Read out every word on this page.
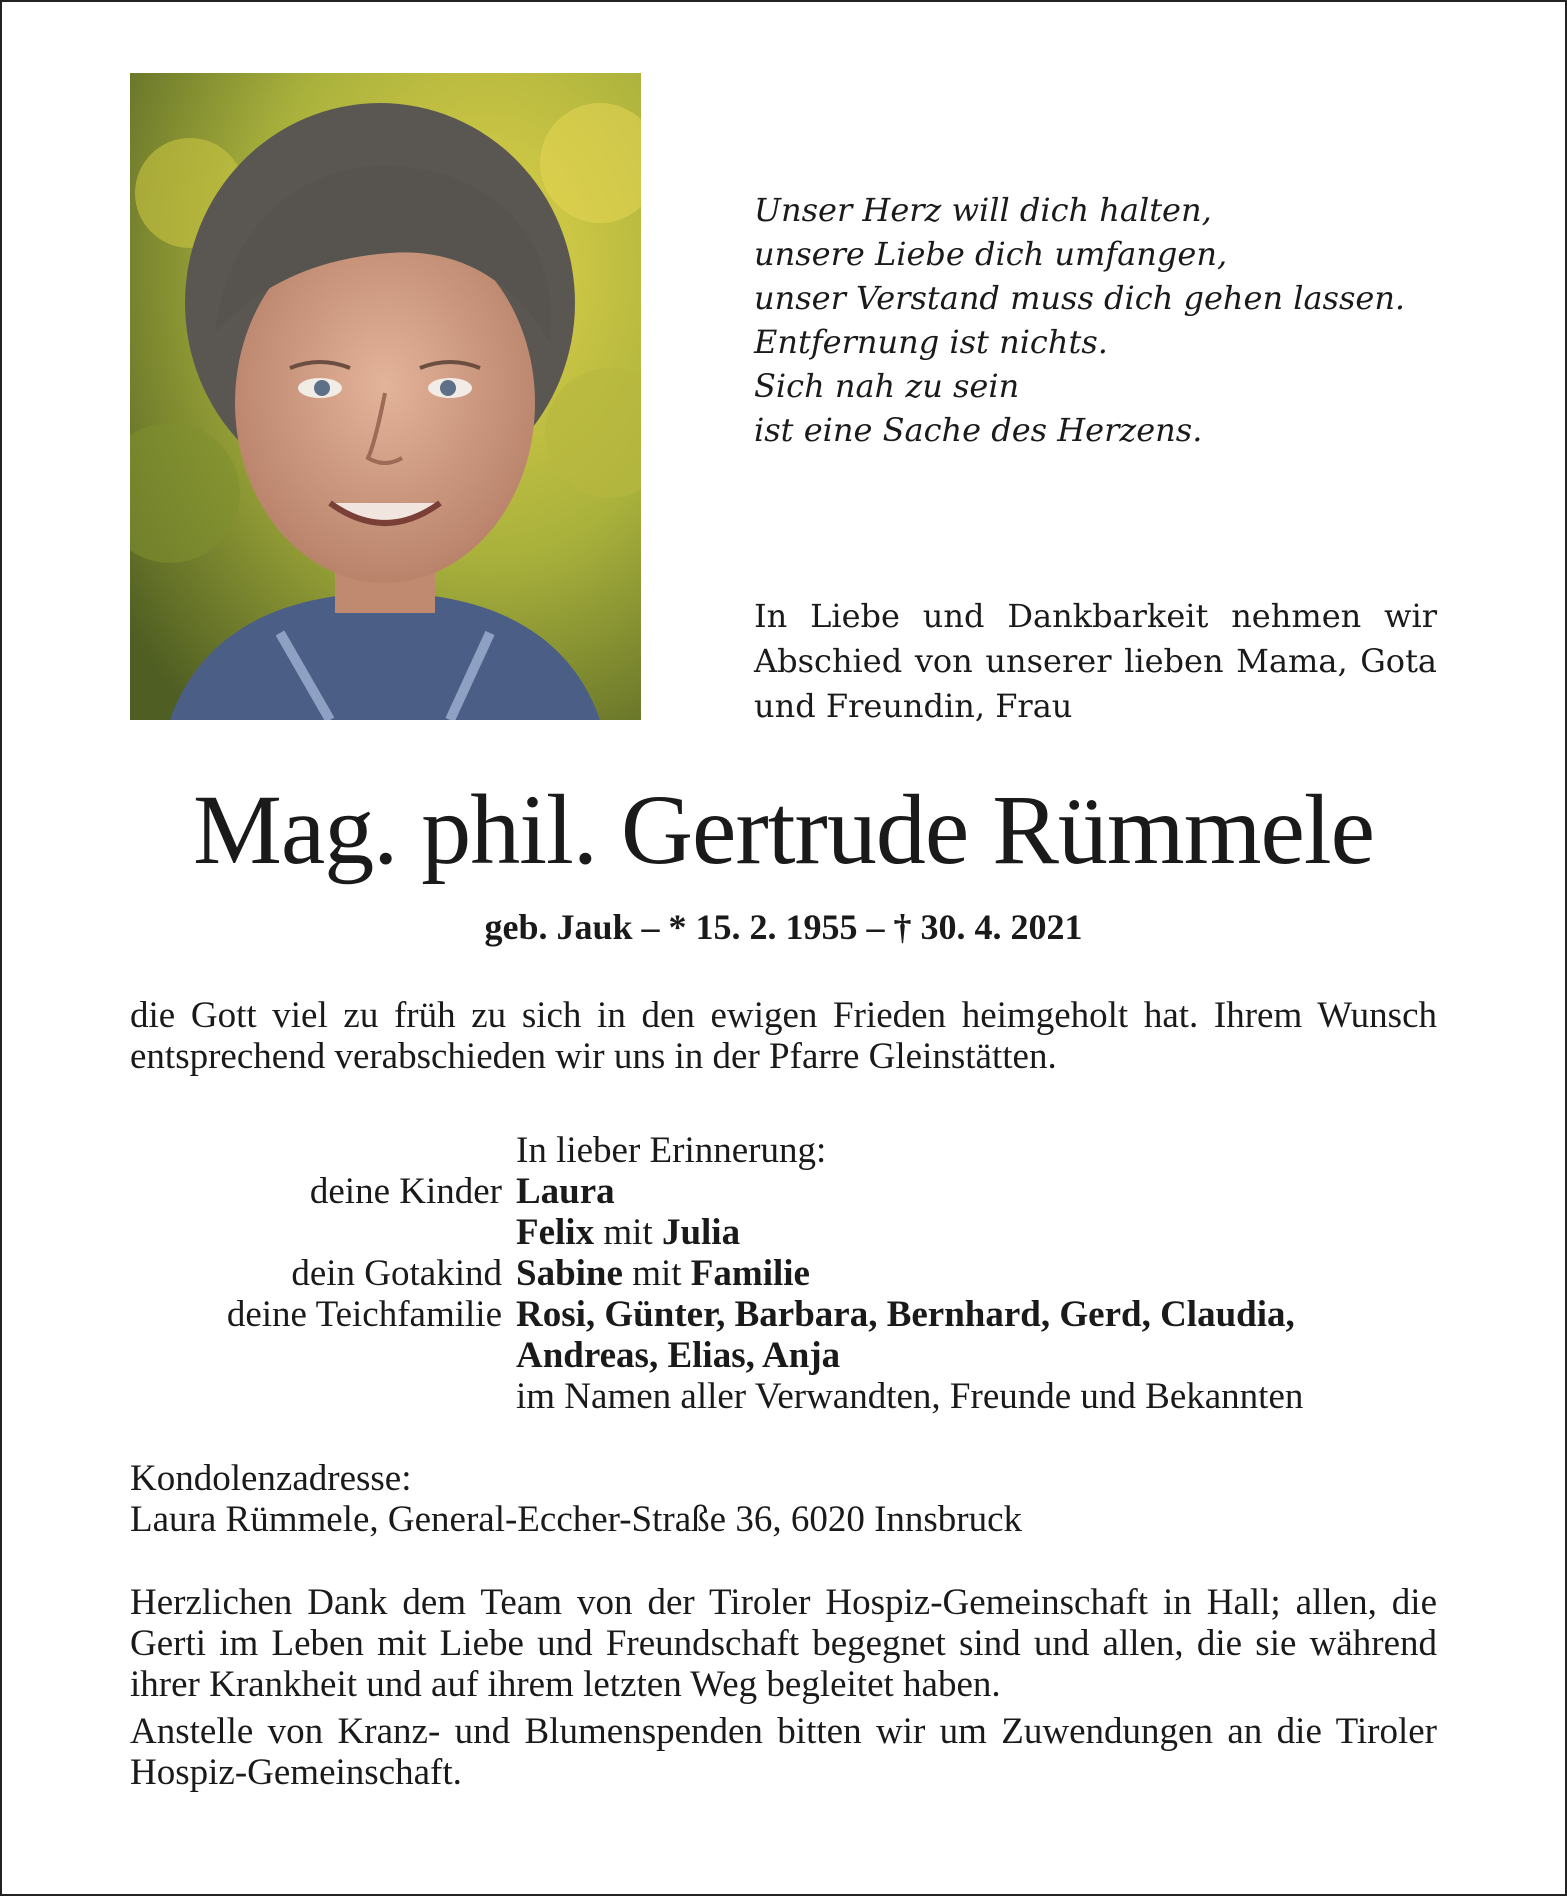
Unser Herz will dich halten,
unsere Liebe dich umfangen,
unser Verstand muss dich gehen lassen.
Entfernung ist nichts.
Sich nah zu sein
ist eine Sache des Herzens.
In Liebe und Dankbarkeit nehmen wir Abschied von unserer lieben Mama, Gota und Freundin, Frau
Mag. phil. Gertrude Rümmele
geb. Jauk – * 15. 2. 1955 – † 30. 4. 2021
die Gott viel zu früh zu sich in den ewigen Frieden heimgeholt hat. Ihrem Wunsch entsprechend verabschieden wir uns in der Pfarre Gleinstätten.
In lieber Erinnerung:
deine Kinder Laura
Felix mit Julia
dein Gotakind Sabine mit Familie
deine Teichfamilie Rosi, Günter, Barbara, Bernhard, Gerd, Claudia,
Andreas, Elias, Anja
im Namen aller Verwandten, Freunde und Bekannten
Kondolenzadresse:
Laura Rümmele, General-Eccher-Straße 36, 6020 Innsbruck

Herzlichen Dank dem Team von der Tiroler Hospiz-Gemeinschaft in Hall; allen, die Gerti im Leben mit Liebe und Freundschaft begegnet sind und allen, die sie während ihrer Krankheit und auf ihrem letzten Weg begleitet haben.

Anstelle von Kranz- und Blumenspenden bitten wir um Zuwendungen an die Tiroler Hospiz-Gemeinschaft.
